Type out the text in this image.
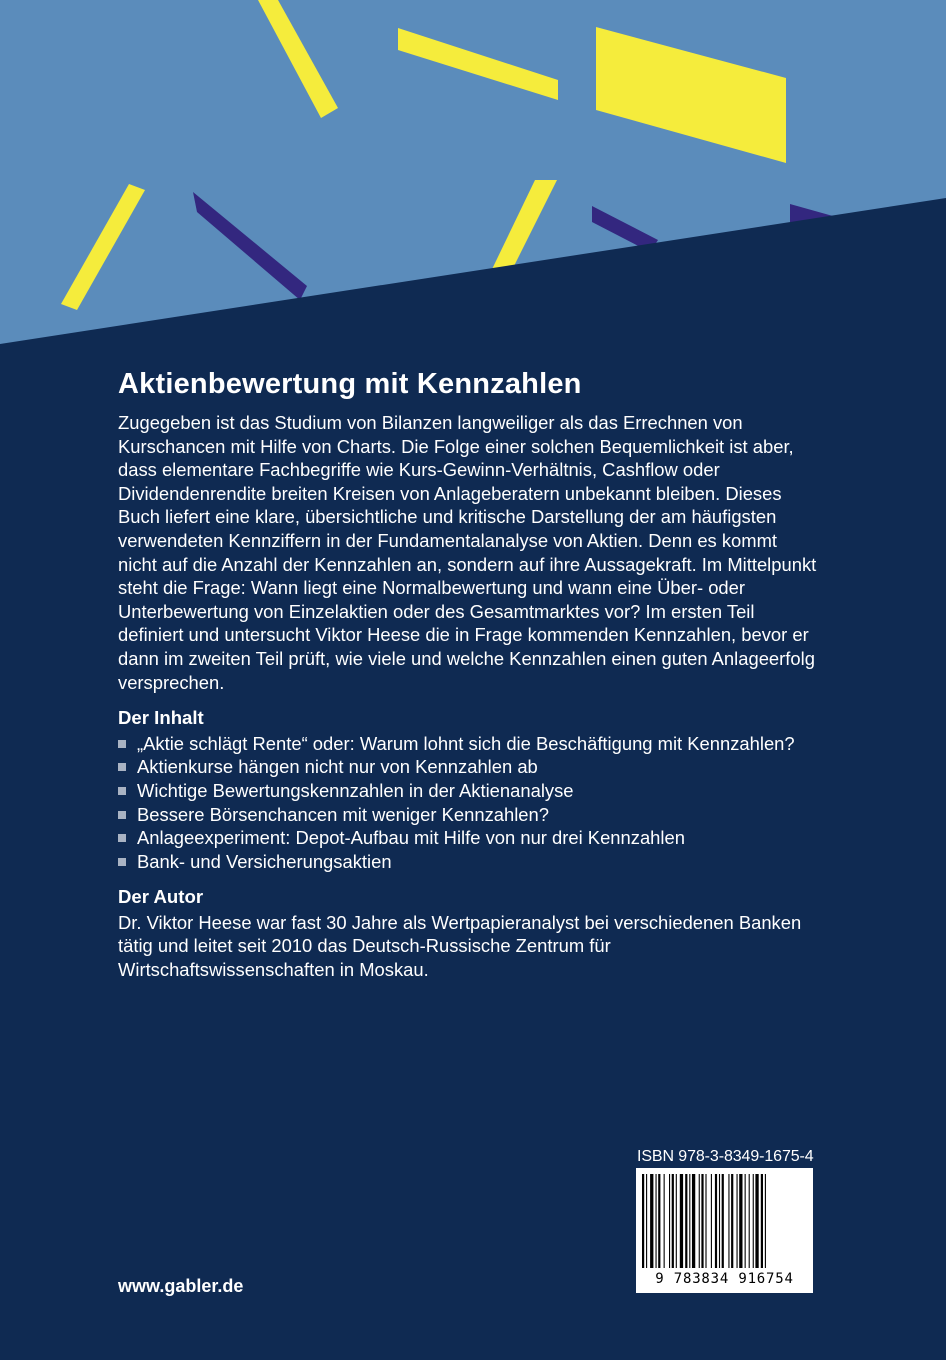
Aktienbewertung mit Kennzahlen

Zugegeben ist das Studium von Bilanzen langweiliger als das Errechnen von Kurschancen mit Hilfe von Charts. Die Folge einer solchen Bequemlichkeit ist aber, dass elementare Fachbegriffe wie Kurs-Gewinn-Verhältnis, Cashflow oder Dividendenrendite breiten Kreisen von Anlageberatern unbekannt bleiben. Dieses Buch liefert eine klare, übersichtliche und kritische Darstellung der am häufigsten verwendeten Kennziffern in der Fundamentalanalyse von Aktien. Denn es kommt nicht auf die Anzahl der Kennzahlen an, sondern auf ihre Aussagekraft. Im Mittelpunkt steht die Frage: Wann liegt eine Normalbewertung und wann eine Über- oder Unterbewertung von Einzelaktien oder des Gesamtmarktes vor? Im ersten Teil definiert und untersucht Viktor Heese die in Frage kommenden Kennzahlen, bevor er dann im zweiten Teil prüft, wie viele und welche Kennzahlen einen guten Anlageerfolg versprechen.

Der Inhalt
„Aktie schlägt Rente“ oder: Warum lohnt sich die Beschäftigung mit Kennzahlen?
Aktienkurse hängen nicht nur von Kennzahlen ab
Wichtige Bewertungskennzahlen in der Aktienanalyse
Bessere Börsenchancen mit weniger Kennzahlen?
Anlageexperiment: Depot-Aufbau mit Hilfe von nur drei Kennzahlen
Bank- und Versicherungsaktien
Der Autor

Dr. Viktor Heese war fast 30 Jahre als Wertpapieranalyst bei verschiedenen Banken tätig und leitet seit 2010 das Deutsch-Russische Zentrum für Wirtschaftswissenschaften in Moskau.

www.gabler.de
ISBN 978-3-8349-1675-4
9 783834 916754
